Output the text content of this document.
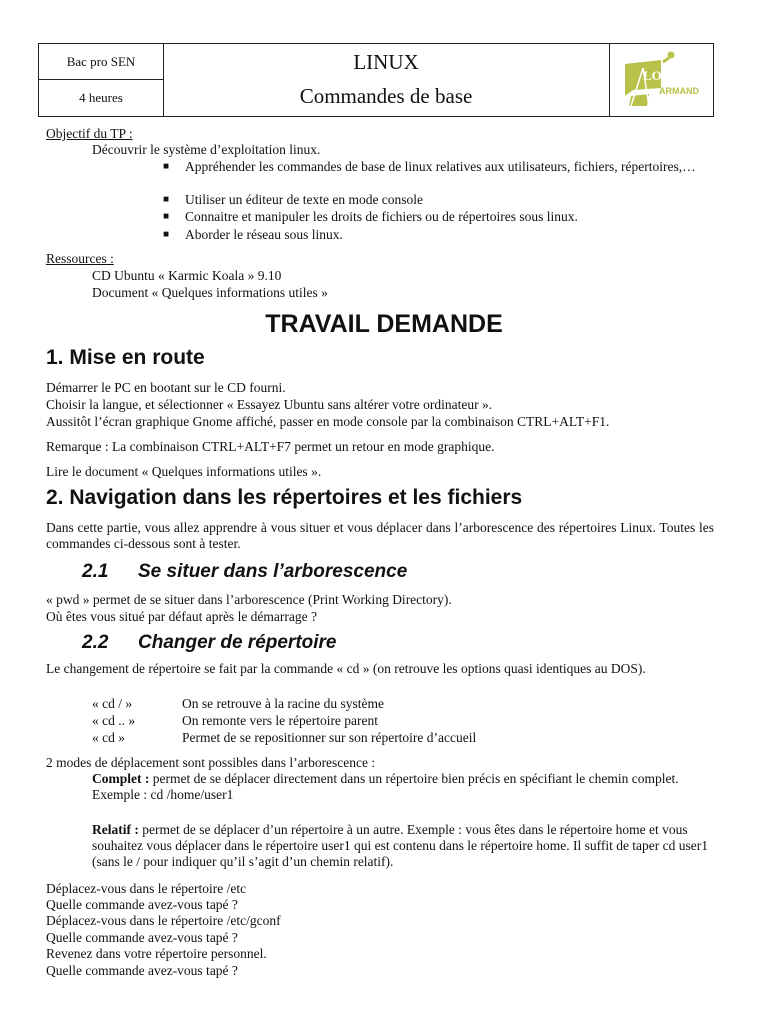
Bac pro SEN
4 heures
LINUX
Commandes de base
LOUIS
ARMAND
Objectif du TP :
Découvrir le système d’exploitation linux.
■ Appréhender les commandes de base de linux relatives aux utilisateurs, fichiers, répertoires,…
■ Utiliser un éditeur de texte en mode console
■ Connaitre et manipuler les droits de fichiers ou de répertoires sous linux.
■ Aborder le réseau sous linux.
Ressources :
CD Ubuntu « Karmic Koala » 9.10
Document « Quelques informations utiles »
TRAVAIL DEMANDE
1. Mise en route
Démarrer le PC en bootant sur le CD fourni.
Choisir la langue, et sélectionner « Essayez Ubuntu sans altérer votre ordinateur ».
Aussitôt l’écran graphique Gnome affiché, passer en mode console par la combinaison CTRL+ALT+F1.
Remarque : La combinaison CTRL+ALT+F7 permet un retour en mode graphique.
Lire le document « Quelques informations utiles ».
2. Navigation dans les répertoires et les fichiers
Dans cette partie, vous allez apprendre à vous situer et vous déplacer dans l’arborescence des répertoires Linux. Toutes les commandes ci-dessous sont à tester.
2.1 Se situer dans l’arborescence
« pwd » permet de se situer dans l’arborescence (Print Working Directory).
Où êtes vous situé par défaut après le démarrage ?
2.2 Changer de répertoire
Le changement de répertoire se fait par la commande « cd » (on retrouve les options quasi identiques au DOS).
« cd / »	On se retrouve à la racine du système
« cd .. »	On remonte vers le répertoire parent
« cd »	Permet de se repositionner sur son répertoire d’accueil
2 modes de déplacement sont possibles dans l’arborescence :
Complet : permet de se déplacer directement dans un répertoire bien précis en spécifiant le chemin complet. Exemple : cd /home/user1
Relatif : permet de se déplacer d’un répertoire à un autre. Exemple : vous êtes dans le répertoire home et vous souhaitez vous déplacer dans le répertoire user1 qui est contenu dans le répertoire home. Il suffit de taper cd user1 (sans le / pour indiquer qu’il s’agit d’un chemin relatif).
Déplacez-vous dans le répertoire /etc
Quelle commande avez-vous tapé ?
Déplacez-vous dans le répertoire /etc/gconf
Quelle commande avez-vous tapé ?
Revenez dans votre répertoire personnel.
Quelle commande avez-vous tapé ?
